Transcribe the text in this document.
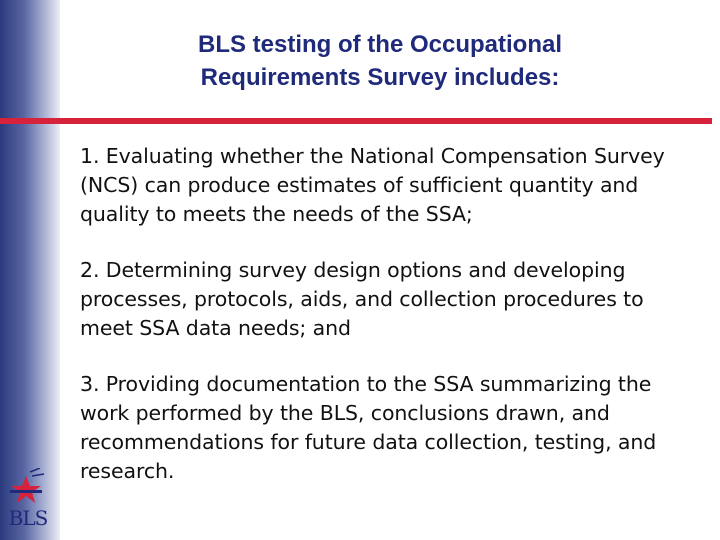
BLS testing of the Occupational
Requirements Survey includes:

1. Evaluating whether the National Compensation Survey (NCS) can produce estimates of sufficient quantity and quality to meets the needs of the SSA;

2. Determining survey design options and developing processes, protocols, aids, and collection procedures to meet SSA data needs; and

3. Providing documentation to the SSA summarizing the work performed by the BLS, conclusions drawn, and recommendations for future data collection, testing, and research.

BLS
